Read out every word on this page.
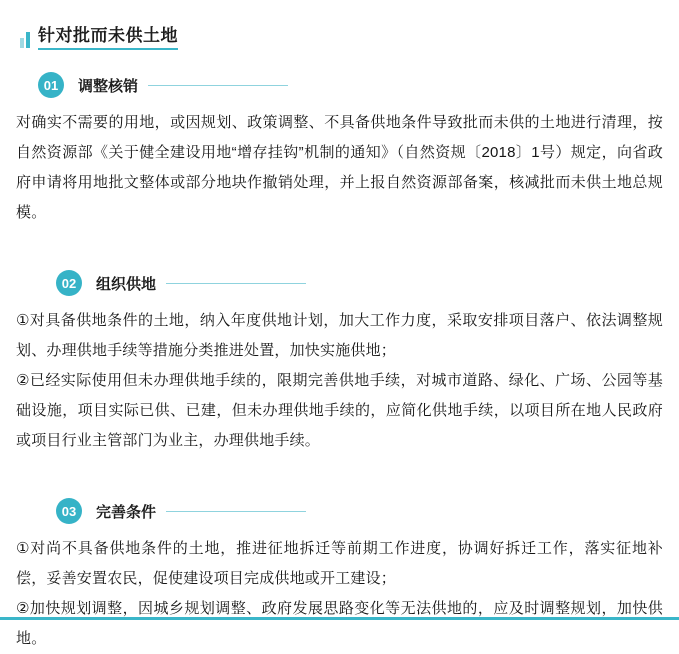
针对批而未供土地
01	调整核销

对确实不需要的用地，或因规划、政策调整、不具备供地条件导致批而未供的土地进行清理，按自然资源部《关于健全建设用地“增存挂钩”机制的通知》（自然资规〔2018〕1号）规定，向省政府申请将用地批文整体或部分地块作撤销处理，并上报自然资源部备案，核减批而未供土地总规模。

02	组织供地

①对具备供地条件的土地，纳入年度供地计划，加大工作力度，采取安排项目落户、依法调整规划、办理供地手续等措施分类推进处置，加快实施供地；

②已经实际使用但未办理供地手续的，限期完善供地手续，对城市道路、绿化、广场、公园等基础设施，项目实际已供、已建，但未办理供地手续的，应简化供地手续，以项目所在地人民政府或项目行业主管部门为业主，办理供地手续。

03	完善条件

①对尚不具备供地条件的土地，推进征地拆迁等前期工作进度，协调好拆迁工作，落实征地补偿，妥善安置农民，促使建设项目完成供地或开工建设；

②加快规划调整，因城乡规划调整、政府发展思路变化等无法供地的，应及时调整规划，加快供地。
